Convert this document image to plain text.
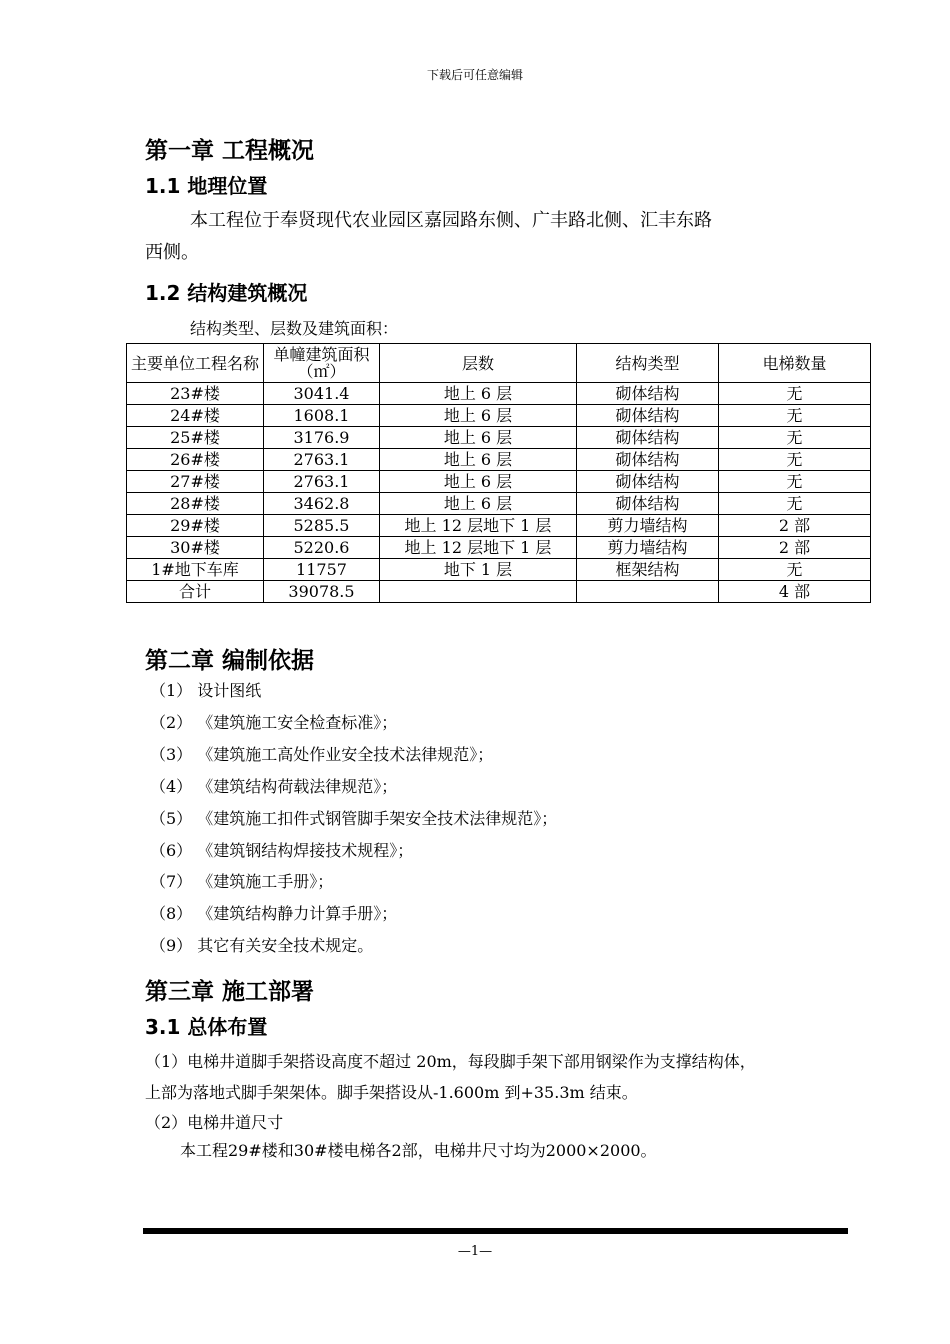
下载后可任意编辑
第一章 工程概况
1.1 地理位置
本工程位于奉贤现代农业园区嘉园路东侧、广丰路北侧、汇丰东路
西侧。
1.2 结构建筑概况
结构类型、层数及建筑面积：
主要单位工程名称	单幢建筑面积（㎡）	层数	结构类型	电梯数量
23#楼	3041.4	地上 6 层	砌体结构	无
24#楼	1608.1	地上 6 层	砌体结构	无
25#楼	3176.9	地上 6 层	砌体结构	无
26#楼	2763.1	地上 6 层	砌体结构	无
27#楼	2763.1	地上 6 层	砌体结构	无
28#楼	3462.8	地上 6 层	砌体结构	无
29#楼	5285.5	地上 12 层地下 1 层	剪力墙结构	2 部
30#楼	5220.6	地上 12 层地下 1 层	剪力墙结构	2 部
1#地下车库	11757	地下 1 层	框架结构	无
合计	39078.5			4 部
第二章 编制依据
（1） 设计图纸
（2） 《建筑施工安全检查标准》；
（3） 《建筑施工高处作业安全技术法律规范》；
（4） 《建筑结构荷载法律规范》；
（5） 《建筑施工扣件式钢管脚手架安全技术法律规范》；
（6） 《建筑钢结构焊接技术规程》；
（7） 《建筑施工手册》；
（8） 《建筑结构静力计算手册》；
（9） 其它有关安全技术规定。
第三章 施工部署
3.1 总体布置
（1）电梯井道脚手架搭设高度不超过 20m，每段脚手架下部用钢梁作为支撑结构体，
上部为落地式脚手架架体。脚手架搭设从-1.600m 到+35.3m 结束。
（2）电梯井道尺寸
本工程29#楼和30#楼电梯各2部，电梯井尺寸均为2000×2000。
—1—
